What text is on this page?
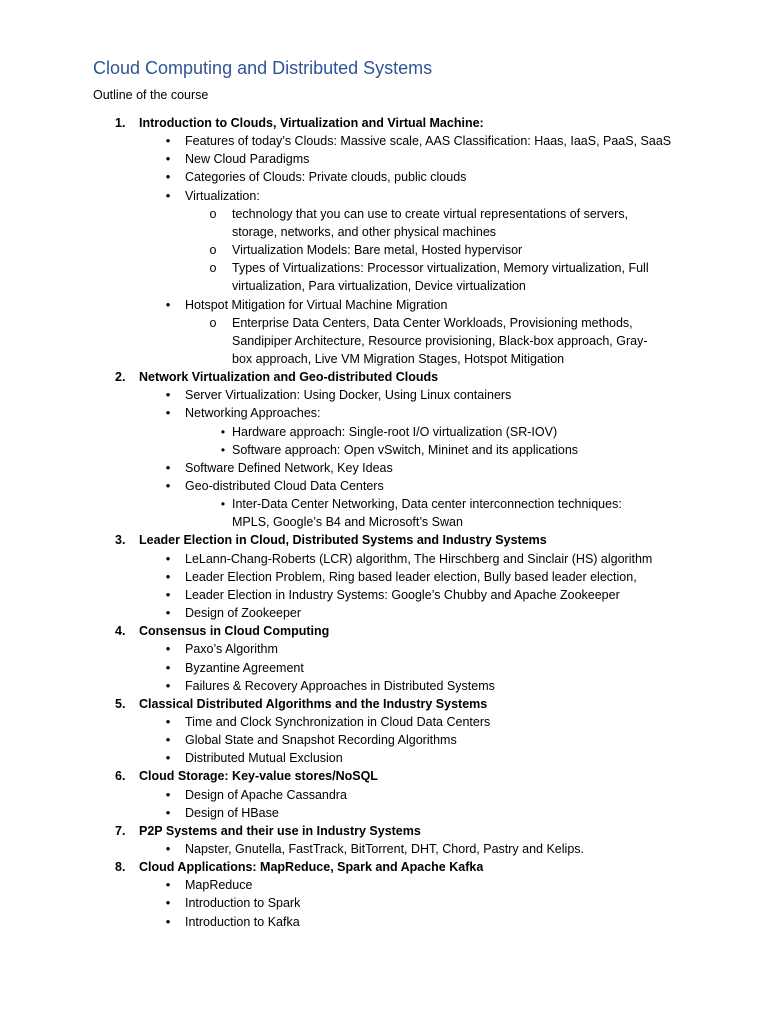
Cloud Computing and Distributed Systems
Outline of the course
1. Introduction to Clouds, Virtualization and Virtual Machine:
• Features of today’s Clouds: Massive scale, AAS Classification: Haas, IaaS, PaaS, SaaS
• New Cloud Paradigms
• Categories of Clouds: Private clouds, public clouds
• Virtualization:
o technology that you can use to create virtual representations of servers,
storage, networks, and other physical machines
o Virtualization Models: Bare metal, Hosted hypervisor
o Types of Virtualizations: Processor virtualization, Memory virtualization, Full
virtualization, Para virtualization, Device virtualization
• Hotspot Mitigation for Virtual Machine Migration
o Enterprise Data Centers, Data Center Workloads, Provisioning methods,
Sandipiper Architecture, Resource provisioning, Black-box approach, Gray-
box approach, Live VM Migration Stages, Hotspot Mitigation
2. Network Virtualization and Geo-distributed Clouds
• Server Virtualization: Using Docker, Using Linux containers
• Networking Approaches:
• Hardware approach: Single-root I/O virtualization (SR-IOV)
• Software approach: Open vSwitch, Mininet and its applications
• Software Defined Network, Key Ideas
• Geo-distributed Cloud Data Centers
• Inter-Data Center Networking, Data center interconnection techniques:
MPLS, Google’s B4 and Microsoft’s Swan
3. Leader Election in Cloud, Distributed Systems and Industry Systems
• LeLann-Chang-Roberts (LCR) algorithm, The Hirschberg and Sinclair (HS) algorithm
• Leader Election Problem, Ring based leader election, Bully based leader election,
• Leader Election in Industry Systems: Google’s Chubby and Apache Zookeeper
• Design of Zookeeper
4. Consensus in Cloud Computing
• Paxo’s Algorithm
• Byzantine Agreement
• Failures & Recovery Approaches in Distributed Systems
5. Classical Distributed Algorithms and the Industry Systems
• Time and Clock Synchronization in Cloud Data Centers
• Global State and Snapshot Recording Algorithms
• Distributed Mutual Exclusion
6. Cloud Storage: Key-value stores/NoSQL
• Design of Apache Cassandra
• Design of HBase
7. P2P Systems and their use in Industry Systems
• Napster, Gnutella, FastTrack, BitTorrent, DHT, Chord, Pastry and Kelips.
8. Cloud Applications: MapReduce, Spark and Apache Kafka
• MapReduce
• Introduction to Spark
• Introduction to Kafka
